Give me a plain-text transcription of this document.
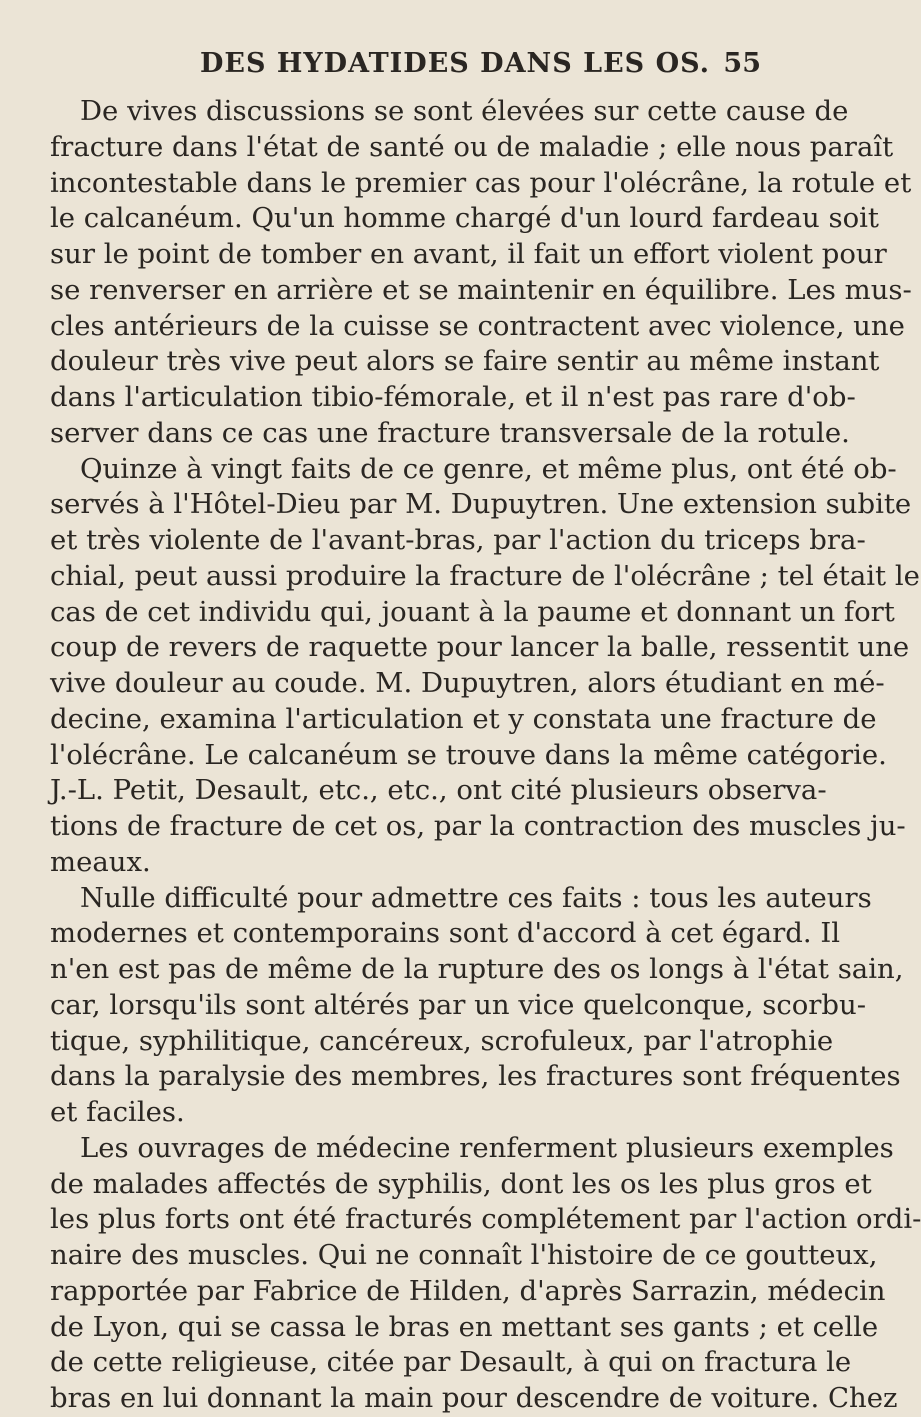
DES HYDATIDES DANS LES OS. 55
De vives discussions se sont élevées sur cette cause de
fracture dans l'état de santé ou de maladie ; elle nous paraît
incontestable dans le premier cas pour l'olécrâne, la rotule et
le calcanéum. Qu'un homme chargé d'un lourd fardeau soit
sur le point de tomber en avant, il fait un effort violent pour
se renverser en arrière et se maintenir en équilibre. Les mus-
cles antérieurs de la cuisse se contractent avec violence, une
douleur très vive peut alors se faire sentir au même instant
dans l'articulation tibio-fémorale, et il n'est pas rare d'ob-
server dans ce cas une fracture transversale de la rotule.
Quinze à vingt faits de ce genre, et même plus, ont été ob-
servés à l'Hôtel-Dieu par M. Dupuytren. Une extension subite
et très violente de l'avant-bras, par l'action du triceps bra-
chial, peut aussi produire la fracture de l'olécrâne ; tel était le
cas de cet individu qui, jouant à la paume et donnant un fort
coup de revers de raquette pour lancer la balle, ressentit une
vive douleur au coude. M. Dupuytren, alors étudiant en mé-
decine, examina l'articulation et y constata une fracture de
l'olécrâne. Le calcanéum se trouve dans la même catégorie.
J.-L. Petit, Desault, etc., etc., ont cité plusieurs observa-
tions de fracture de cet os, par la contraction des muscles ju-
meaux.
Nulle difficulté pour admettre ces faits : tous les auteurs
modernes et contemporains sont d'accord à cet égard. Il
n'en est pas de même de la rupture des os longs à l'état sain,
car, lorsqu'ils sont altérés par un vice quelconque, scorbu-
tique, syphilitique, cancéreux, scrofuleux, par l'atrophie
dans la paralysie des membres, les fractures sont fréquentes
et faciles.
Les ouvrages de médecine renferment plusieurs exemples
de malades affectés de syphilis, dont les os les plus gros et
les plus forts ont été fracturés complétement par l'action ordi-
naire des muscles. Qui ne connaît l'histoire de ce goutteux,
rapportée par Fabrice de Hilden, d'après Sarrazin, médecin
de Lyon, qui se cassa le bras en mettant ses gants ; et celle
de cette religieuse, citée par Desault, à qui on fractura le
bras en lui donnant la main pour descendre de voiture. Chez
